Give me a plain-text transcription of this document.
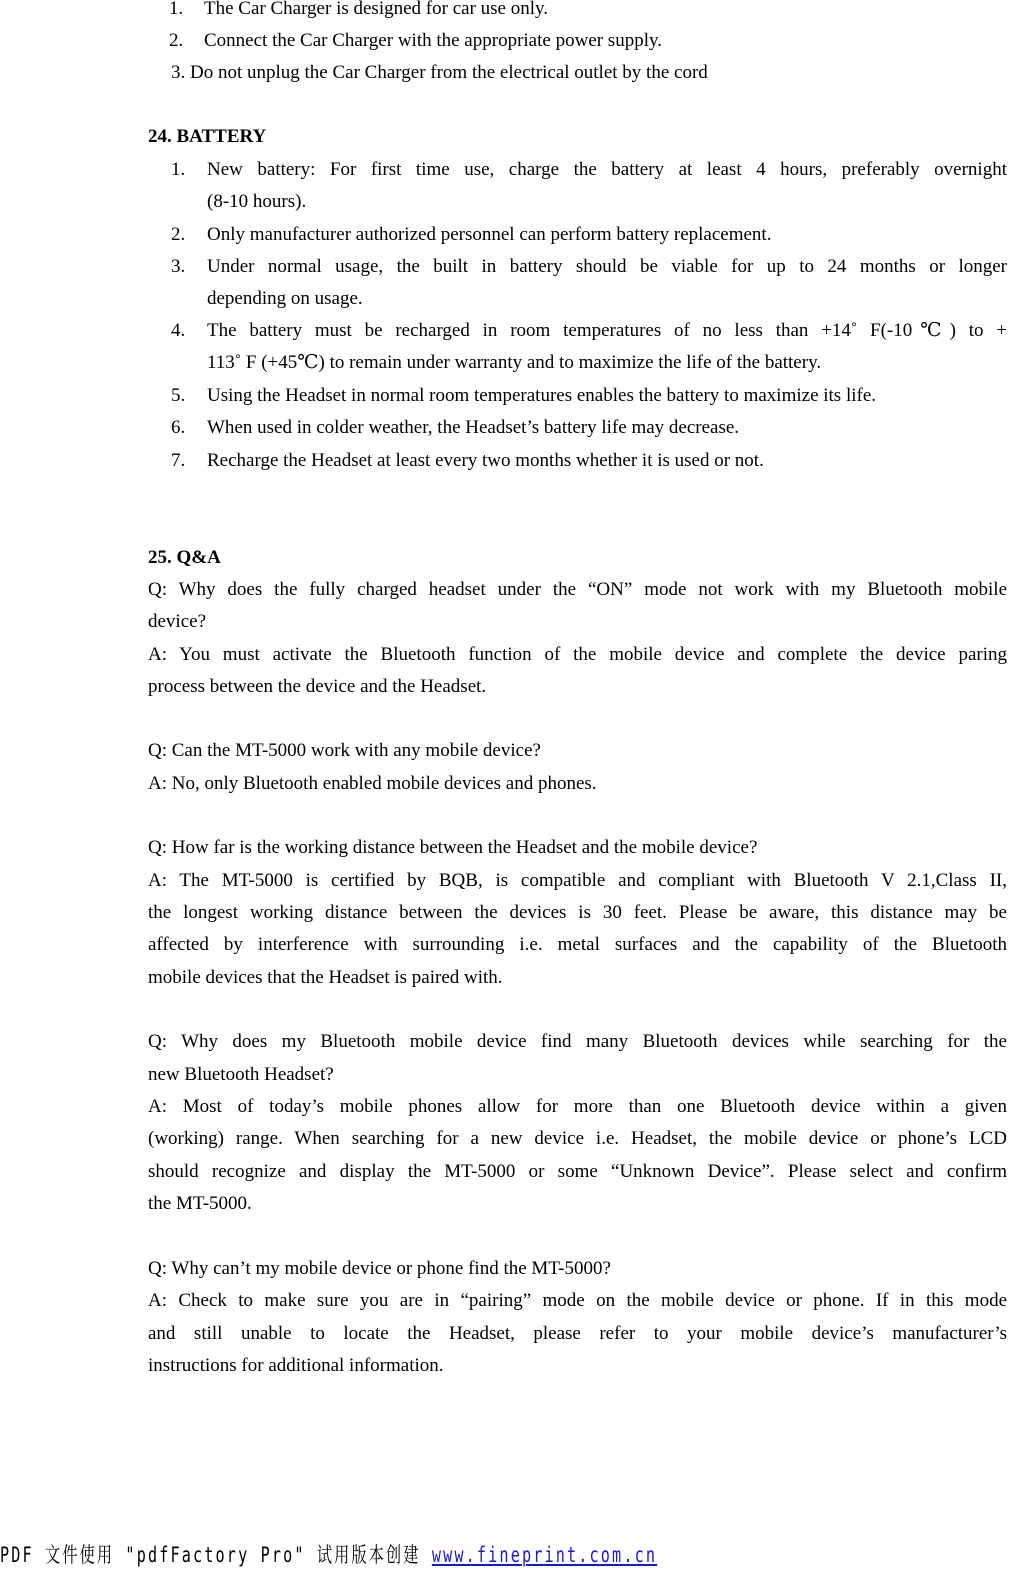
1. The Car Charger is designed for car use only.
2. Connect the Car Charger with the appropriate power supply.
3. Do not unplug the Car Charger from the electrical outlet by the cord
24. BATTERY
1. New battery: For first time use, charge the battery at least 4 hours, preferably overnight
(8-10 hours).
2. Only manufacturer authorized personnel can perform battery replacement.
3. Under normal usage, the built in battery should be viable for up to 24 months or longer
depending on usage.
4. The battery must be recharged in room temperatures of no less than +14˚ F(-10℃) to +
113˚ F (+45℃) to remain under warranty and to maximize the life of the battery.
5. Using the Headset in normal room temperatures enables the battery to maximize its life.
6. When used in colder weather, the Headset’s battery life may decrease.
7. Recharge the Headset at least every two months whether it is used or not.
25. Q&A
Q: Why does the fully charged headset under the “ON” mode not work with my Bluetooth mobile
device?
A: You must activate the Bluetooth function of the mobile device and complete the device paring
process between the device and the Headset.
Q: Can the MT-5000 work with any mobile device?
A: No, only Bluetooth enabled mobile devices and phones.
Q: How far is the working distance between the Headset and the mobile device?
A: The MT-5000 is certified by BQB, is compatible and compliant with Bluetooth V 2.1,Class II,
the longest working distance between the devices is 30 feet. Please be aware, this distance may be
affected by interference with surrounding i.e. metal surfaces and the capability of the Bluetooth
mobile devices that the Headset is paired with.
Q: Why does my Bluetooth mobile device find many Bluetooth devices while searching for the
new Bluetooth Headset?
A: Most of today’s mobile phones allow for more than one Bluetooth device within a given
(working) range. When searching for a new device i.e. Headset, the mobile device or phone’s LCD
should recognize and display the MT-5000 or some “Unknown Device”. Please select and confirm
the MT-5000.
Q: Why can’t my mobile device or phone find the MT-5000?
A: Check to make sure you are in “pairing” mode on the mobile device or phone. If in this mode
and still unable to locate the Headset, please refer to your mobile device’s manufacturer’s
instructions for additional information.
PDF 文件使用 "pdfFactory Pro" 试用版本创建 www.fineprint.com.cn
